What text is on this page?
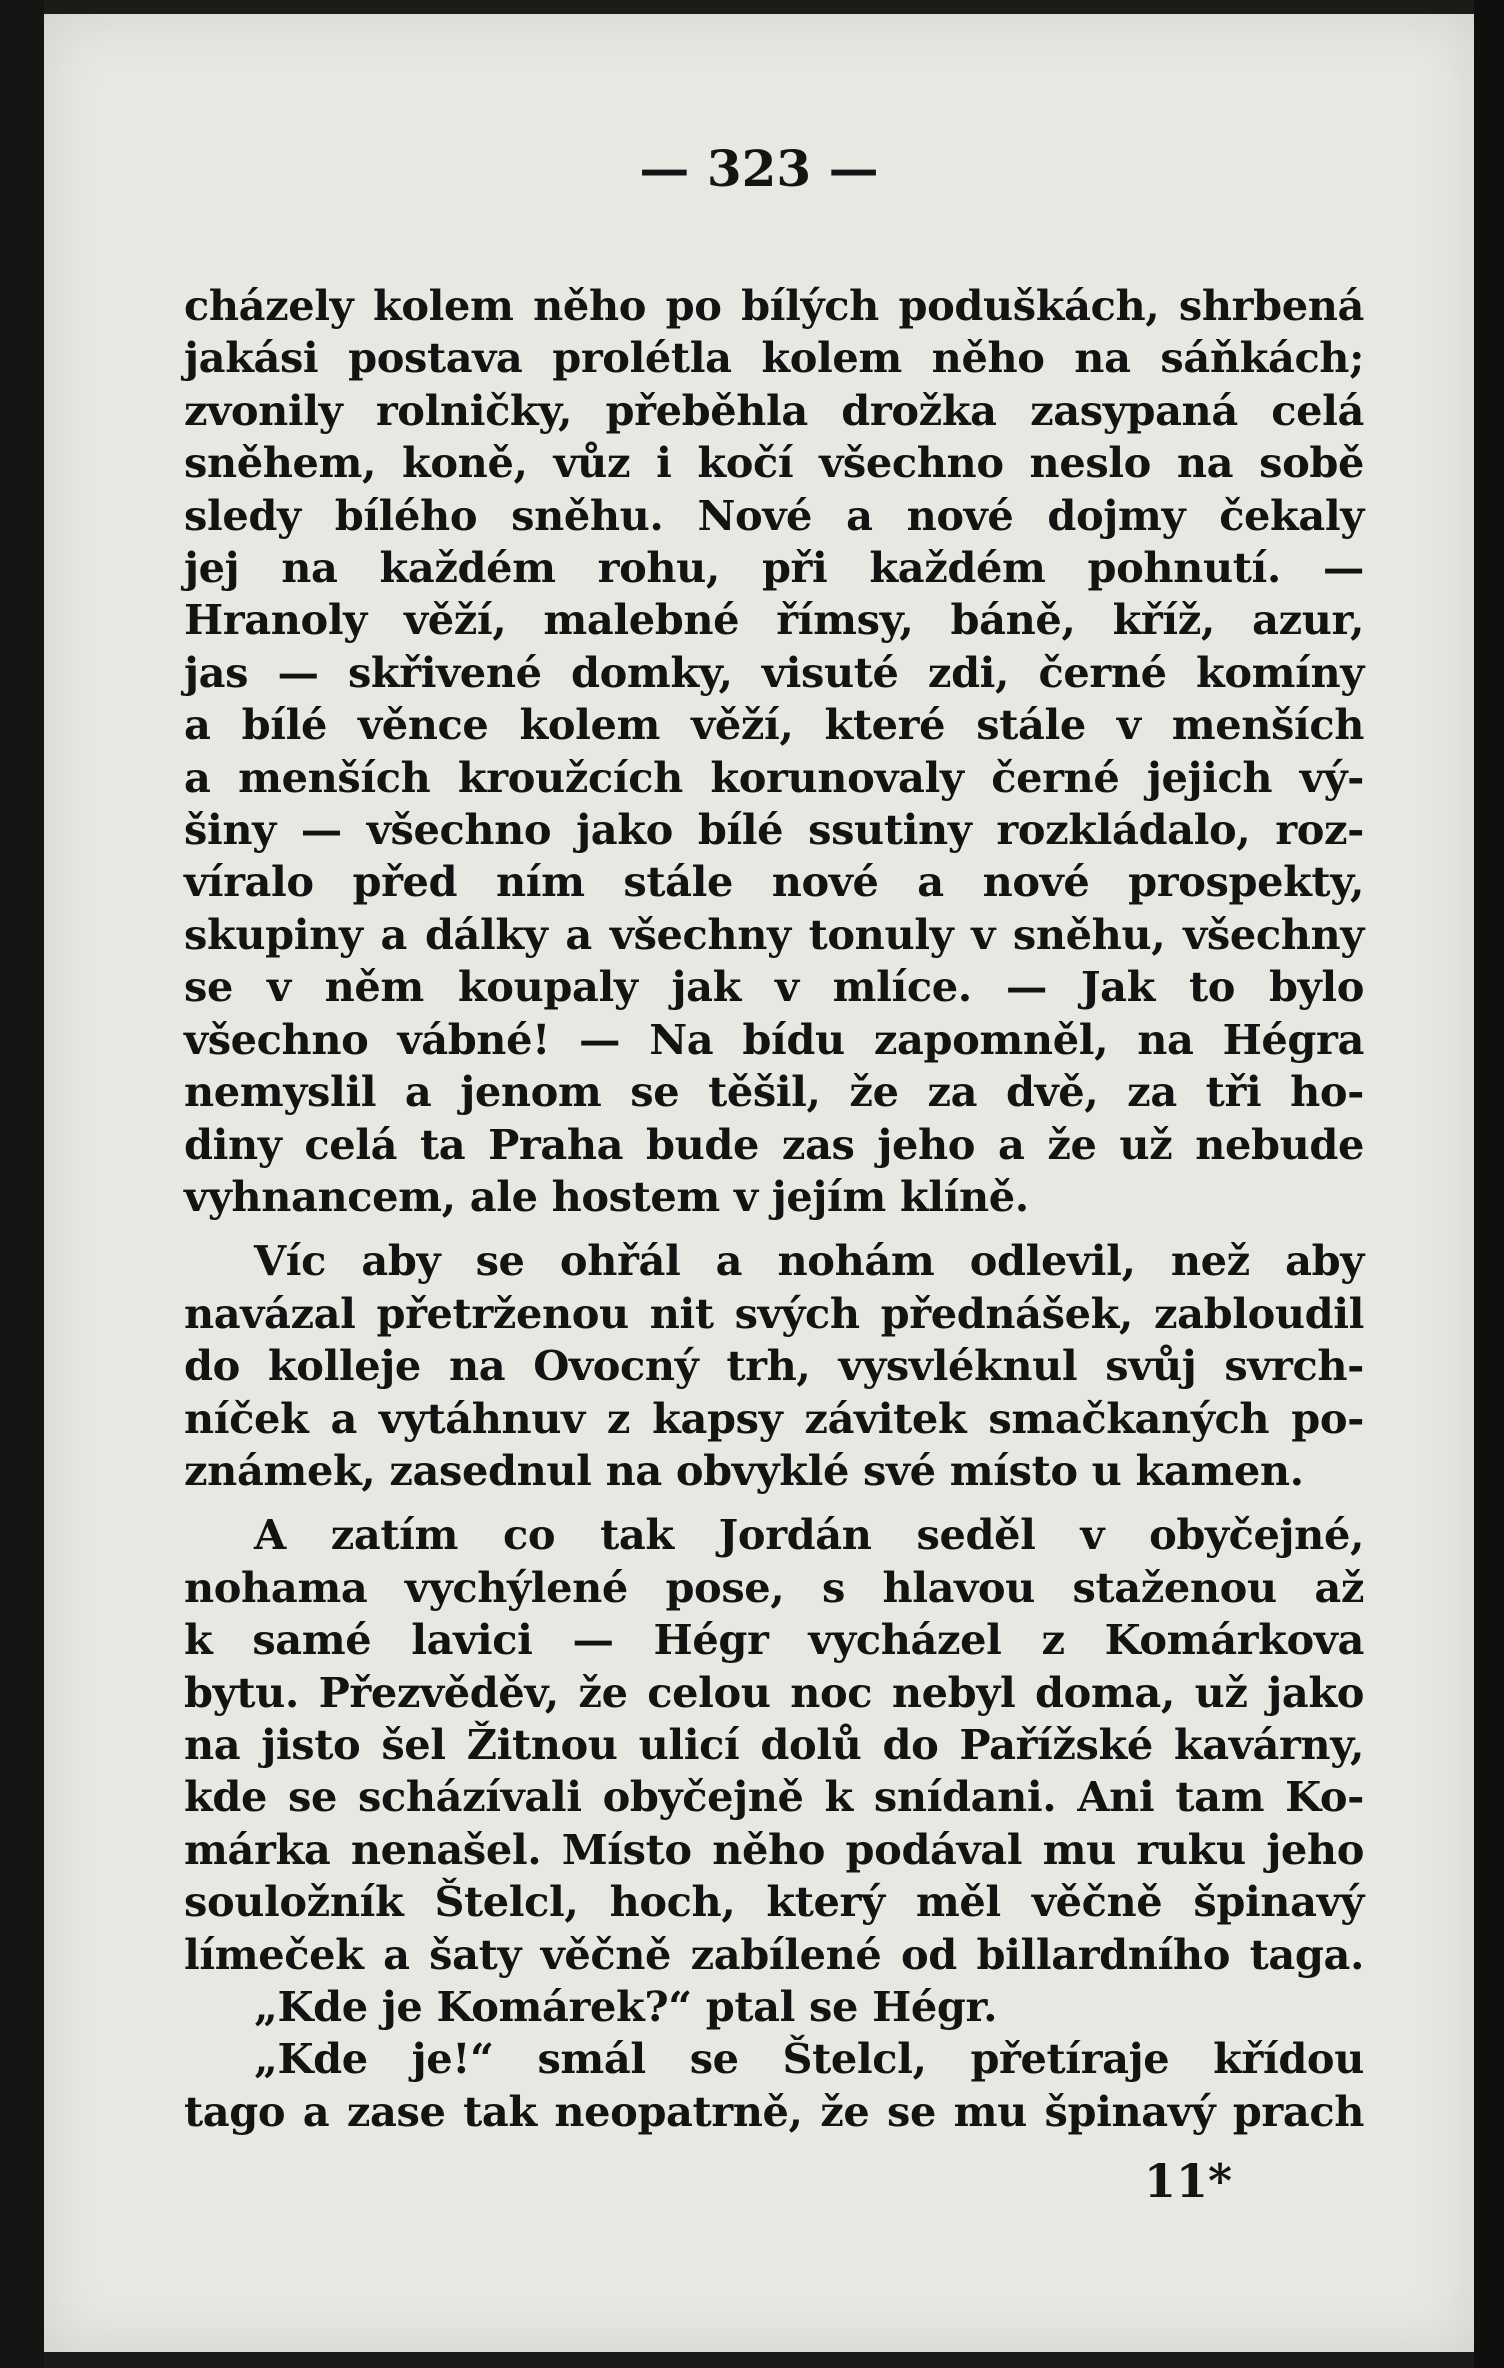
— 323 —
cházely kolem něho po bílých poduškách, shrbená
jakási postava prolétla kolem něho na sáňkách;
zvonily rolničky, přeběhla drožka zasypaná celá
sněhem, koně, vůz i kočí všechno neslo na sobě
sledy bílého sněhu. Nové a nové dojmy čekaly
jej na každém rohu, při každém pohnutí. —
Hranoly věží, malebné římsy, báně, kříž, azur,
jas — skřivené domky, visuté zdi, černé komíny
a bílé věnce kolem věží, které stále v menších
a menších kroužcích korunovaly černé jejich vý-
šiny — všechno jako bílé ssutiny rozkládalo, roz-
víralo před ním stále nové a nové prospekty,
skupiny a dálky a všechny tonuly v sněhu, všechny
se v něm koupaly jak v mlíce. — Jak to bylo
všechno vábné! — Na bídu zapomněl, na Hégra
nemyslil a jenom se těšil, že za dvě, za tři ho-
diny celá ta Praha bude zas jeho a že už nebude
vyhnancem, ale hostem v jejím klíně.
Víc aby se ohřál a nohám odlevil, než aby
navázal přetrženou nit svých přednášek, zabloudil
do kolleje na Ovocný trh, vysvléknul svůj svrch-
níček a vytáhnuv z kapsy závitek smačkaných po-
známek, zasednul na obvyklé své místo u kamen.
A zatím co tak Jordán seděl v obyčejné,
nohama vychýlené pose, s hlavou staženou až
k samé lavici — Hégr vycházel z Komárkova
bytu. Přezvěděv, že celou noc nebyl doma, už jako
na jisto šel Žitnou ulicí dolů do Pařížské kavárny,
kde se scházívali obyčejně k snídani. Ani tam Ko-
márka nenašel. Místo něho podával mu ruku jeho
souložník Štelcl, hoch, který měl věčně špinavý
límeček a šaty věčně zabílené od billardního taga.
„Kde je Komárek?“ ptal se Hégr.
„Kde je!“ smál se Štelcl, přetíraje křídou
tago a zase tak neopatrně, že se mu špinavý prach
11*
